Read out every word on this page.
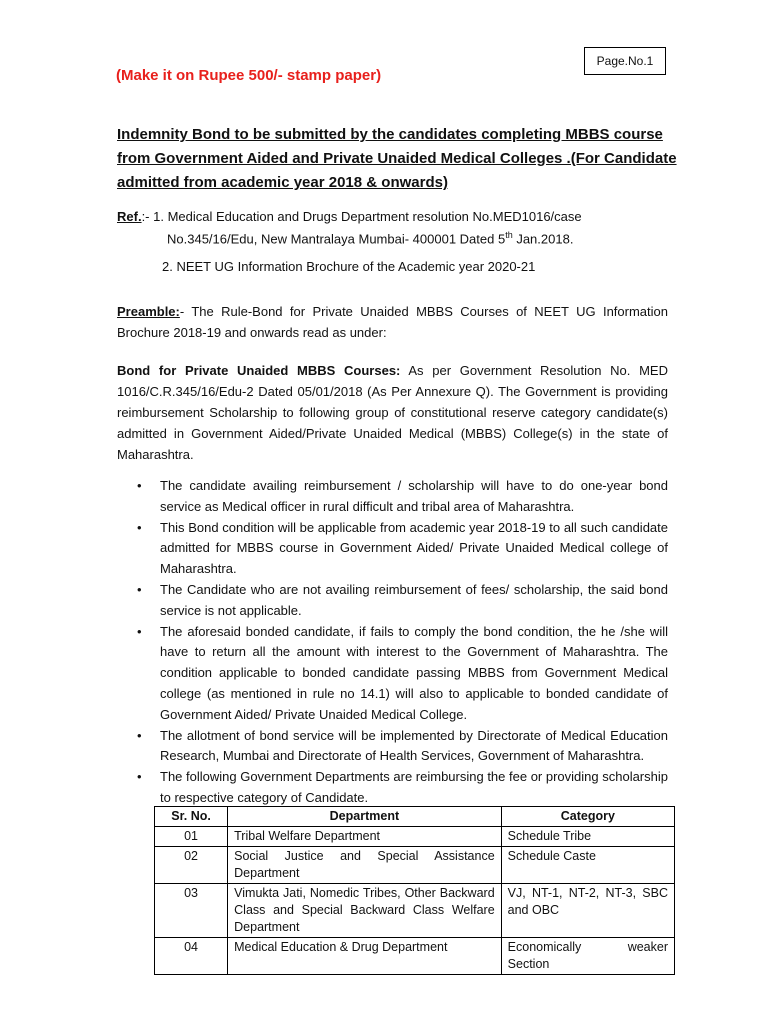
Page.No.1
(Make it on Rupee 500/- stamp paper)
Indemnity Bond to be submitted by the candidates completing MBBS course
from Government Aided and Private Unaided Medical Colleges .(For Candidate
admitted from academic year 2018 & onwards)
Ref.:- 1. Medical Education and Drugs Department resolution No.MED1016/case
No.345/16/Edu, New Mantralaya Mumbai- 400001 Dated 5th Jan.2018.
2. NEET UG Information Brochure of the Academic year 2020-21
Preamble:- The Rule-Bond for Private Unaided MBBS Courses of NEET UG Information Brochure 2018-19 and onwards read as under:
Bond for Private Unaided MBBS Courses: As per Government Resolution No. MED 1016/C.R.345/16/Edu-2 Dated 05/01/2018 (As Per Annexure Q). The Government is providing reimbursement Scholarship to following group of constitutional reserve category candidate(s) admitted in Government Aided/Private Unaided Medical (MBBS) College(s) in the state of Maharashtra.
• The candidate availing reimbursement / scholarship will have to do one-year bond service as Medical officer in rural difficult and tribal area of Maharashtra.
• This Bond condition will be applicable from academic year 2018-19 to all such candidate admitted for MBBS course in Government Aided/ Private Unaided Medical college of Maharashtra.
• The Candidate who are not availing reimbursement of fees/ scholarship, the said bond service is not applicable.
• The aforesaid bonded candidate, if fails to comply the bond condition, the he /she will have to return all the amount with interest to the Government of Maharashtra. The condition applicable to bonded candidate passing MBBS from Government Medical college (as mentioned in rule no 14.1) will also to applicable to bonded candidate of Government Aided/ Private Unaided Medical College.
• The allotment of bond service will be implemented by Directorate of Medical Education Research, Mumbai and Directorate of Health Services, Government of Maharashtra.
• The following Government Departments are reimbursing the fee or providing scholarship to respective category of Candidate.
Sr. No.	Department	Category
01	Tribal Welfare Department	Schedule Tribe
02	Social Justice and Special Assistance Department	Schedule Caste
03	Vimukta Jati, Nomedic Tribes, Other Backward Class and Special Backward Class Welfare Department	VJ, NT-1, NT-2, NT-3, SBC and OBC
04	Medical Education & Drug Department	Economically weaker Section
